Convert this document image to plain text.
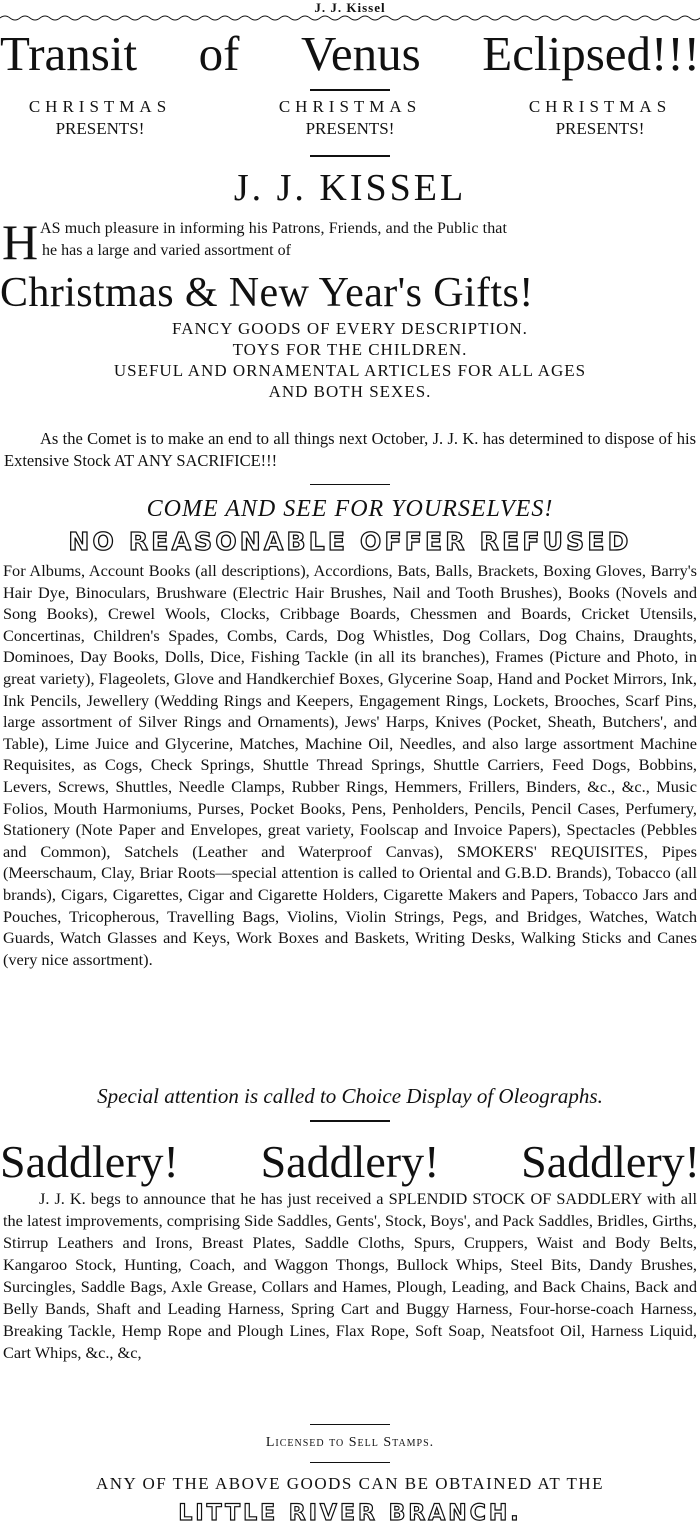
J. J. Kissel
Transit of Venus Eclipsed!!!
CHRISTMAS
PRESENTS!
CHRISTMAS
PRESENTS!
CHRISTMAS
PRESENTS!
J. J. KISSEL
H AS much pleasure in informing his Patrons, Friends, and the Public that
he has a large and varied assortment of
Christmas & New Year's Gifts!
FANCY GOODS OF EVERY DESCRIPTION.
TOYS FOR THE CHILDREN.
USEFUL AND ORNAMENTAL ARTICLES FOR ALL AGES
AND BOTH SEXES.
As the Comet is to make an end to all things next October, J. J. K. has determined to dispose of his Extensive Stock AT ANY SACRIFICE!!!
COME AND SEE FOR YOURSELVES!
NO REASONABLE OFFER REFUSED
For Albums, Account Books (all descriptions), Accordions, Bats, Balls, Brackets, Boxing Gloves, Barry's Hair Dye, Binoculars, Brushware (Electric Hair Brushes, Nail and Tooth Brushes), Books (Novels and Song Books), Crewel Wools, Clocks, Cribbage Boards, Chessmen and Boards, Cricket Utensils, Concertinas, Children's Spades, Combs, Cards, Dog Whistles, Dog Collars, Dog Chains, Draughts, Dominoes, Day Books, Dolls, Dice, Fishing Tackle (in all its branches), Frames (Picture and Photo, in great variety), Flageolets, Glove and Handkerchief Boxes, Glycerine Soap, Hand and Pocket Mirrors, Ink, Ink Pencils, Jewellery (Wedding Rings and Keepers, Engagement Rings, Lockets, Brooches, Scarf Pins, large assortment of Silver Rings and Ornaments), Jews' Harps, Knives (Pocket, Sheath, Butchers', and Table), Lime Juice and Glycerine, Matches, Machine Oil, Needles, and also large assortment Machine Requisites, as Cogs, Check Springs, Shuttle Thread Springs, Shuttle Carriers, Feed Dogs, Bobbins, Levers, Screws, Shuttles, Needle Clamps, Rubber Rings, Hemmers, Frillers, Binders, &c., &c., Music Folios, Mouth Harmoniums, Purses, Pocket Books, Pens, Penholders, Pencils, Pencil Cases, Perfumery, Stationery (Note Paper and Envelopes, great variety, Foolscap and Invoice Papers), Spectacles (Pebbles and Common), Satchels (Leather and Waterproof Canvas), SMOKERS' REQUISITES, Pipes (Meerschaum, Clay, Briar Roots—special attention is called to Oriental and G.B.D. Brands), Tobacco (all brands), Cigars, Cigarettes, Cigar and Cigarette Holders, Cigarette Makers and Papers, Tobacco Jars and Pouches, Tricopherous, Travelling Bags, Violins, Violin Strings, Pegs, and Bridges, Watches, Watch Guards, Watch Glasses and Keys, Work Boxes and Baskets, Writing Desks, Walking Sticks and Canes (very nice assortment).
Special attention is called to Choice Display of Oleographs.
Saddlery! Saddlery! Saddlery!
J. J. K. begs to announce that he has just received a SPLENDID STOCK OF SADDLERY with all the latest improvements, comprising Side Saddles, Gents', Stock, Boys', and Pack Saddles, Bridles, Girths, Stirrup Leathers and Irons, Breast Plates, Saddle Cloths, Spurs, Cruppers, Waist and Body Belts, Kangaroo Stock, Hunting, Coach, and Waggon Thongs, Bullock Whips, Steel Bits, Dandy Brushes, Surcingles, Saddle Bags, Axle Grease, Collars and Hames, Plough, Leading, and Back Chains, Back and Belly Bands, Shaft and Leading Harness, Spring Cart and Buggy Harness, Four-horse-coach Harness, Breaking Tackle, Hemp Rope and Plough Lines, Flax Rope, Soft Soap, Neatsfoot Oil, Harness Liquid, Cart Whips, &c., &c,
Licensed to Sell Stamps.
ANY OF THE ABOVE GOODS CAN BE OBTAINED AT THE
LITTLE RIVER BRANCH.
